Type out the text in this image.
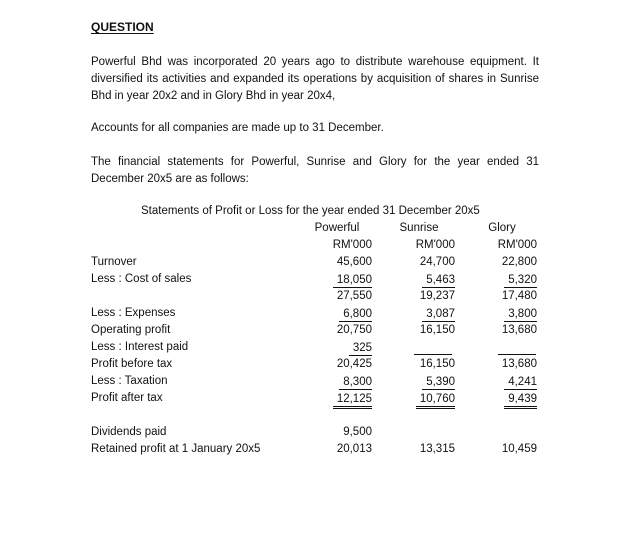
QUESTION
Powerful Bhd was incorporated 20 years ago to distribute warehouse equipment. It diversified its activities and expanded its operations by acquisition of shares in Sunrise Bhd in year 20x2 and in Glory Bhd in year 20x4,
Accounts for all companies are made up to 31 December.
The financial statements for Powerful, Sunrise and Glory for the year ended 31 December 20x5 are as follows:
Statements of Profit or Loss for the year ended 31 December 20x5
Powerful	Sunrise	Glory
RM'000	RM'000	RM'000
Turnover	45,600	24,700	22,800
Less : Cost of sales	18,050	5,463	5,320
27,550	19,237	17,480
Less : Expenses	6,800	3,087	3,800
Operating profit	20,750	16,150	13,680
Less : Interest paid	325
Profit before tax	20,425	16,150	13,680
Less : Taxation	8,300	5,390	4,241
Profit after tax	12,125	10,760	9,439
Dividends paid	9,500
Retained profit at 1 January 20x5	20,013	13,315	10,459
